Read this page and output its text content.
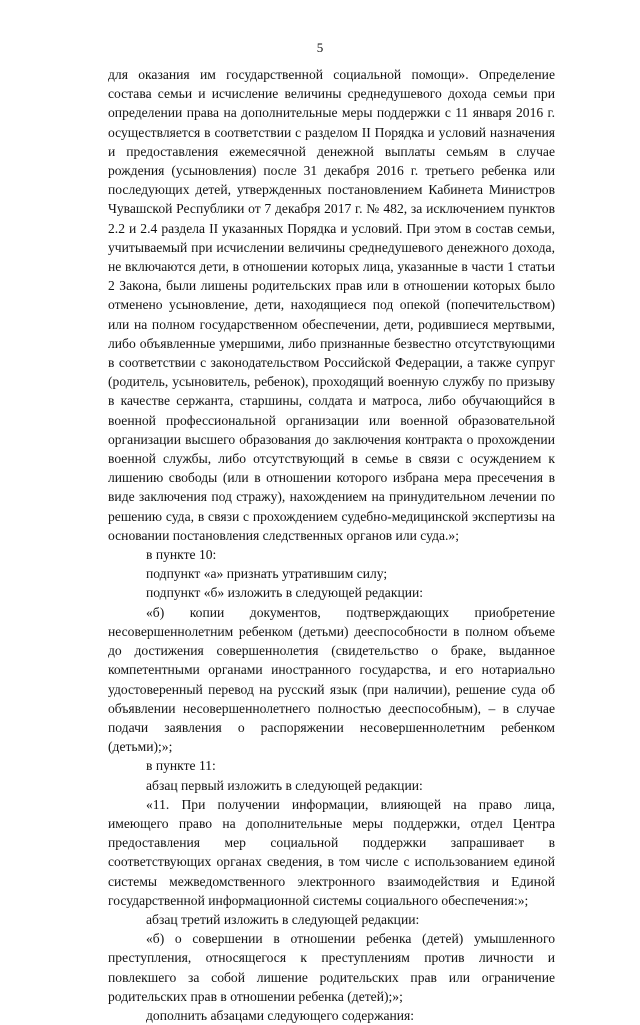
5

для оказания им государственной социальной помощи». Определение состава семьи и исчисление величины среднедушевого дохода семьи при определении права на дополнительные меры поддержки с 11 января 2016 г. осуществляется в соответствии с разделом II Порядка и условий назначения и предоставления ежемесячной денежной выплаты семьям в случае рождения (усыновления) после 31 декабря 2016 г. третьего ребенка или последующих детей, утвержденных постановлением Кабинета Министров Чувашской Республики от 7 декабря 2017 г. № 482, за исключением пунктов 2.2 и 2.4 раздела II указанных Порядка и условий. При этом в состав семьи, учитываемый при исчислении величины среднедушевого денежного дохода, не включаются дети, в отношении которых лица, указанные в части 1 статьи 2 Закона, были лишены родительских прав или в отношении которых было отменено усыновление, дети, находящиеся под опекой (попечительством) или на полном государственном обеспечении, дети, родившиеся мертвыми, либо объявленные умершими, либо признанные безвестно отсутствующими в соответствии с законодательством Российской Федерации, а также супруг (родитель, усыновитель, ребенок), проходящий военную службу по призыву в качестве сержанта, старшины, солдата и матроса, либо обучающийся в военной профессиональной организации или военной образовательной организации высшего образования до заключения контракта о прохождении военной службы, либо отсутствующий в семье в связи с осуждением к лишению свободы (или в отношении которого избрана мера пресечения в виде заключения под стражу), нахождением на принудительном лечении по решению суда, в связи с прохождением судебно-медицинской экспертизы на основании постановления следственных органов или суда.»;

в пункте 10:

подпункт «а» признать утратившим силу;

подпункт «б» изложить в следующей редакции:

«б) копии документов, подтверждающих приобретение несовершеннолетним ребенком (детьми) дееспособности в полном объеме до достижения совершеннолетия (свидетельство о браке, выданное компетентными органами иностранного государства, и его нотариально удостоверенный перевод на русский язык (при наличии), решение суда об объявлении несовершеннолетнего полностью дееспособным), – в случае подачи заявления о распоряжении несовершеннолетним ребенком (детьми);»;

в пункте 11:

абзац первый изложить в следующей редакции:

«11. При получении информации, влияющей на право лица, имеющего право на дополнительные меры поддержки, отдел Центра предоставления мер социальной поддержки запрашивает в соответствующих органах сведения, в том числе с использованием единой системы межведомственного электронного взаимодействия и Единой государственной информационной системы социального обеспечения:»;

абзац третий изложить в следующей редакции:

«б) о совершении в отношении ребенка (детей) умышленного преступления, относящегося к преступлениям против личности и повлекшего за собой лишение родительских прав или ограничение родительских прав в отношении ребенка (детей);»;

дополнить абзацами следующего содержания:
